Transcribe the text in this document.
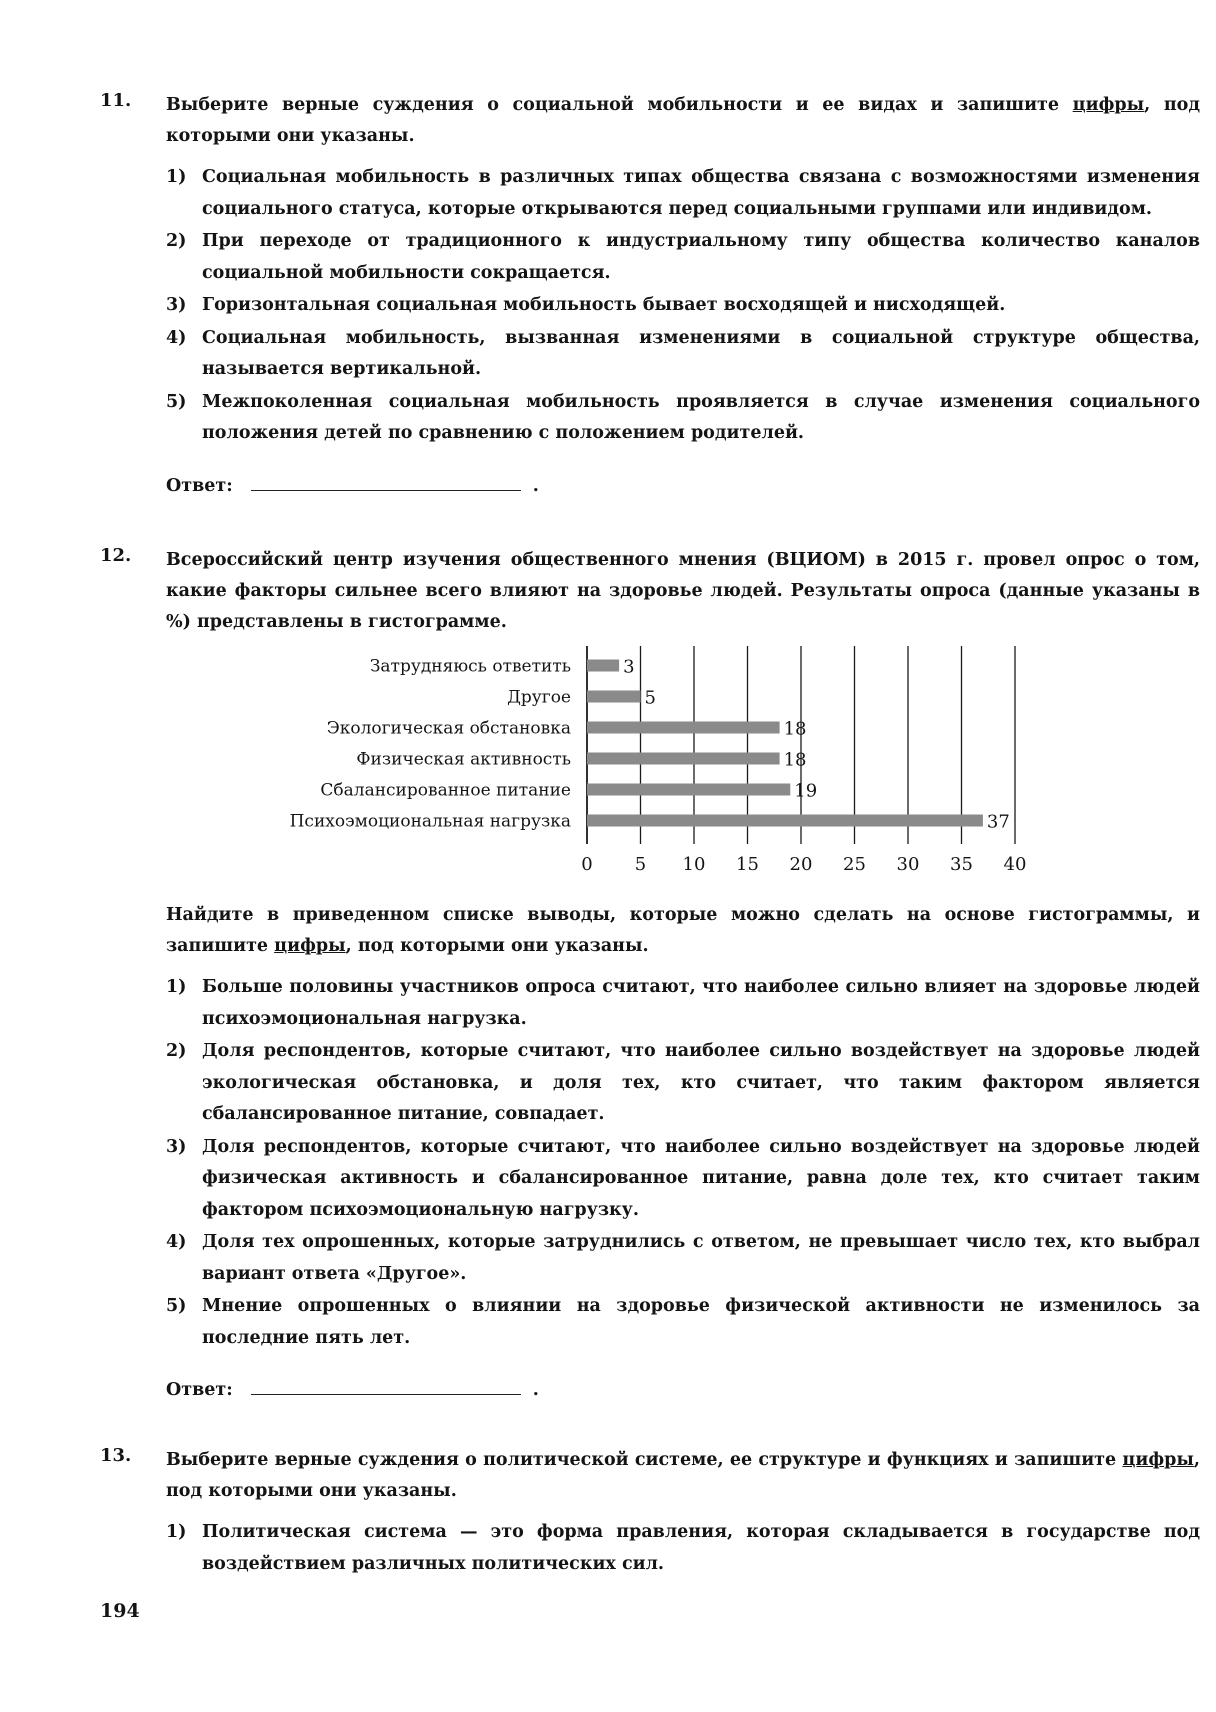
11.	Выберите верные суждения о социальной мобильности и ее видах и запишите цифры, под которыми они указаны.
1) Социальная мобильность в различных типах общества связана с возможностями изменения социального статуса, которые открываются перед социальными группами или индивидом.
2) При переходе от традиционного к индустриальному типу общества количество каналов социальной мобильности сокращается.
3) Горизонтальная социальная мобильность бывает восходящей и нисходящей.
4) Социальная мобильность, вызванная изменениями в социальной структуре общества, называется вертикальной.
5) Межпоколенная социальная мобильность проявляется в случае изменения социального положения детей по сравнению с положением родителей.
Ответ:	.
12.	Всероссийский центр изучения общественного мнения (ВЦИОМ) в 2015 г. провел опрос о том, какие факторы сильнее всего влияют на здоровье людей. Результаты опроса (данные указаны в %) представлены в гистограмме.
0 5 10 15 20 25 30 35 40
Затрудняюсь ответить	3
Другое	5
Экологическая обстановка	18
Физическая активность	18
Сбалансированное питание	19
Психоэмоциональная нагрузка	37
Найдите в приведенном списке выводы, которые можно сделать на основе гистограммы, и запишите цифры, под которыми они указаны.
1) Больше половины участников опроса считают, что наиболее сильно влияет на здоровье людей психоэмоциональная нагрузка.
2) Доля респондентов, которые считают, что наиболее сильно воздействует на здоровье людей экологическая обстановка, и доля тех, кто считает, что таким фактором является сбалансированное питание, совпадает.
3) Доля респондентов, которые считают, что наиболее сильно воздействует на здоровье людей физическая активность и сбалансированное питание, равна доле тех, кто считает таким фактором психоэмоциональную нагрузку.
4) Доля тех опрошенных, которые затруднились с ответом, не превышает число тех, кто выбрал вариант ответа «Другое».
5) Мнение опрошенных о влиянии на здоровье физической активности не изменилось за последние пять лет.
Ответ:	.
13.	Выберите верные суждения о политической системе, ее структуре и функциях и запишите цифры, под которыми они указаны.
1) Политическая система — это форма правления, которая складывается в государстве под воздействием различных политических сил.
194
